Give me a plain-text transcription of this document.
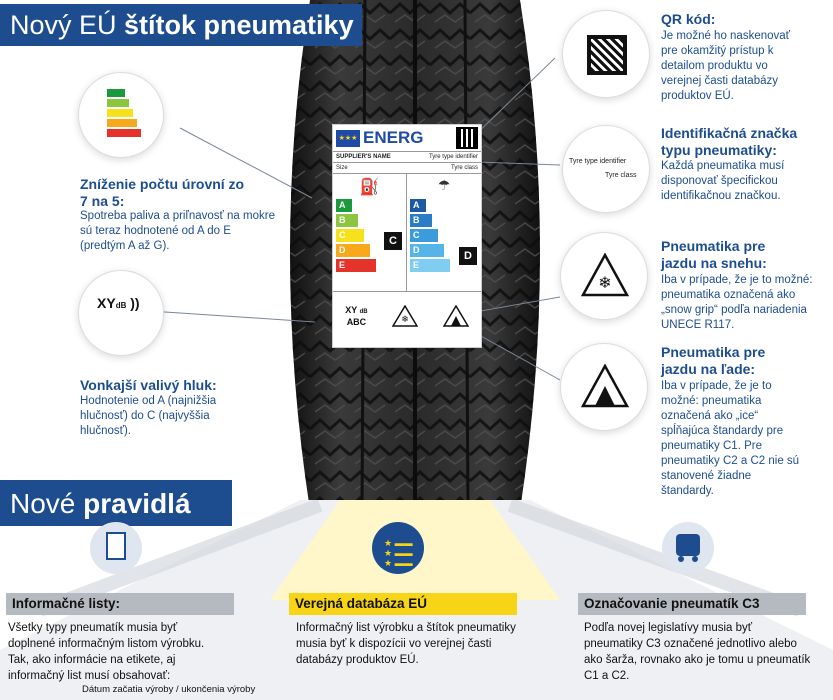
Nový EÚ štítok pneumatiky
★★★ ENERG
SUPPLIER'S NAME	Tyre type identifier
Size	Tyre class
⛽
A
B
C
D
E
C
☂
A
B
C
D
E
D
XY dB
ABC	❄
Zníženie počtu úrovní zo 7 na 5:
Spotreba paliva a priľnavosť na mokre sú teraz hodnotené od A do E (predtým A až G).
XYdB ))
Vonkajší valivý hluk:
Hodnotenie od A (najnižšia hlučnosť) do C (najvyššia hlučnosť).
QR kód:
Je možné ho naskenovať pre okamžitý prístup k detailom produktu vo verejnej časti databázy produktov EÚ.
Tyre type identifier
Tyre class
Identifikačná značka typu pneumatiky:
Každá pneumatika musí disponovať špecifickou identifikačnou značkou.
❄
Pneumatika pre jazdu na snehu:
Iba v prípade, že je to možné: pneumatika označená ako „snow grip“ podľa nariadenia UNECE R117.
Pneumatika pre jazdu na ľade:
Iba v prípade, že je to možné: pneumatika označená ako „ice“ spĺňajúca štandardy pre pneumatiky C1. Pre pneumatiky C2 a C2 nie sú stanovené žiadne štandardy.
Nové pravidlá
★ ▬▬
★ ▬▬
★ ▬▬
Informačné listy:
Všetky typy pneumatík musia byť doplnené informačným listom výrobku. Tak, ako informácie na etikete, aj informačný list musí obsahovať:
Dátum začatia výroby / ukončenia výroby
Verejná databáza EÚ
Informačný list výrobku a štítok pneumatiky musia byť k dispozícii vo verejnej časti databázy produktov EÚ.
Označovanie pneumatík C3
Podľa novej legislatívy musia byť pneumatiky C3 označené jednotlivo alebo ako šarža, rovnako ako je tomu u pneumatík C1 a C2.
